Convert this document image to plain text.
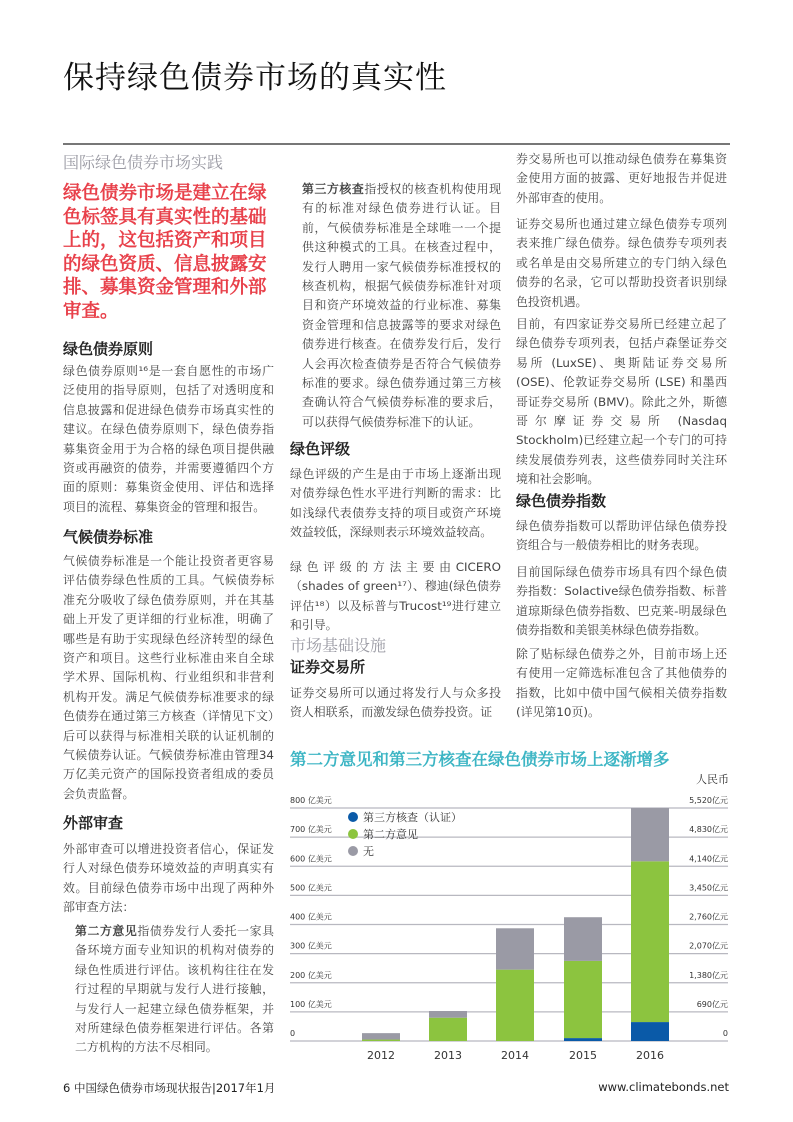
保持绿色债券市场的真实性
国际绿色债券市场实践
绿色债券市场是建立在绿色标签具有真实性的基础上的，这包括资产和项目的绿色资质、信息披露安排、募集资金管理和外部审查。
绿色债券原则

绿色债券原则¹⁶是一套自愿性的市场广泛使用的指导原则，包括了对透明度和信息披露和促进绿色债券市场真实性的建议。在绿色债券原则下，绿色债券指募集资金用于为合格的绿色项目提供融资或再融资的债券，并需要遵循四个方面的原则：募集资金使用、评估和选择项目的流程、募集资金的管理和报告。

气候债券标准

气候债券标准是一个能让投资者更容易评估债券绿色性质的工具。气候债券标准充分吸收了绿色债券原则，并在其基础上开发了更详细的行业标准，明确了哪些是有助于实现绿色经济转型的绿色资产和项目。这些行业标准由来自全球学术界、国际机构、行业组织和非营利机构开发。满足气候债券标准要求的绿色债券在通过第三方核查（详情见下文）后可以获得与标准相关联的认证机制的气候债券认证。气候债券标准由管理34万亿美元资产的国际投资者组成的委员会负责监督。

外部审查

外部审查可以增进投资者信心，保证发行人对绿色债券环境效益的声明真实有效。目前绿色债券市场中出现了两种外部审查方法：

第二方意见指债券发行人委托一家具备环境方面专业知识的机构对债券的绿色性质进行评估。该机构往往在发行过程的早期就与发行人进行接触，与发行人一起建立绿色债券框架，并对所建绿色债券框架进行评估。各第二方机构的方法不尽相同。

第三方核查指授权的核查机构使用现有的标准对绿色债券进行认证。目前，气候债券标准是全球唯一一个提供这种模式的工具。在核查过程中，发行人聘用一家气候债券标准授权的核查机构，根据气候债券标准针对项目和资产环境效益的行业标准、募集资金管理和信息披露等的要求对绿色债券进行核查。在债券发行后，发行人会再次检查债券是否符合气候债券标准的要求。绿色债券通过第三方核查确认符合气候债券标准的要求后，可以获得气候债券标准下的认证。

绿色评级

绿色评级的产生是由于市场上逐渐出现对债券绿色性水平进行判断的需求：比如浅绿代表债券支持的项目或资产环境效益较低，深绿则表示环境效益较高。

绿色评级的方法主要由CICERO（shades of green¹⁷）、穆迪(绿色债券评估¹⁸）以及标普与Trucost¹⁹进行建立和引导。

市场基础设施
证券交易所

证券交易所可以通过将发行人与众多投资人相联系，而激发绿色债券投资。证

券交易所也可以推动绿色债券在募集资金使用方面的披露、更好地报告并促进外部审查的使用。

证券交易所也通过建立绿色债券专项列表来推广绿色债券。绿色债券专项列表或名单是由交易所建立的专门纳入绿色债券的名录，它可以帮助投资者识别绿色投资机遇。

目前，有四家证券交易所已经建立起了绿色债券专项列表，包括卢森堡证券交易所 (LuxSE)、奥斯陆证券交易所 (OSE)、伦敦证券交易所 (LSE) 和墨西哥证券交易所 (BMV)。除此之外，斯德哥尔摩证券交易所 (Nasdaq Stockholm)已经建立起一个专门的可持续发展债券列表，这些债券同时关注环境和社会影响。

绿色债券指数

绿色债券指数可以帮助评估绿色债券投资组合与一般债券相比的财务表现。

目前国际绿色债券市场具有四个绿色债券指数：Solactive绿色债券指数、标普道琼斯绿色债券指数、巴克莱-明晟绿色债券指数和美银美林绿色债券指数。

除了贴标绿色债券之外，目前市场上还有使用一定筛选标准包含了其他债券的指数，比如中债中国气候相关债券指数(详见第10页)。

第二方意见和第三方核查在绿色债券市场上逐渐增多
人民币
0	0
100 亿美元	690亿元
200 亿美元	1,380亿元
300 亿美元	2,070亿元
400 亿美元	2,760亿元
500 亿美元	3,450亿元
600 亿美元	4,140亿元
700 亿美元	4,830亿元
800 亿美元	5,520亿元
2012	2013	2014	2015	2016
第三方核查（认证）
第二方意见
无
6 中国绿色债券市场现状报告|2017年1月	www.climatebonds.net
